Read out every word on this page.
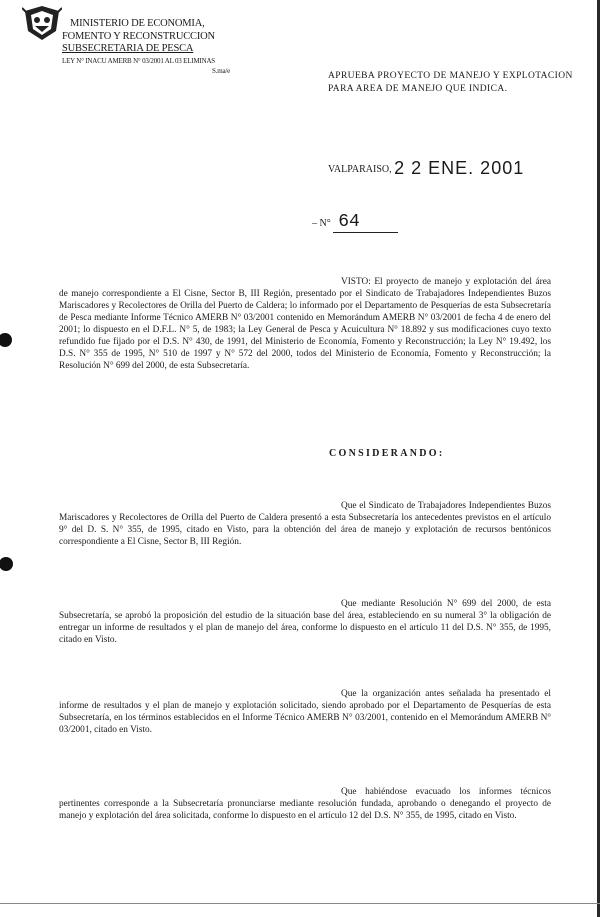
MINISTERIO DE ECONOMIA,
FOMENTO Y RECONSTRUCCION
SUBSECRETARIA DE PESCA
LEY N° INACU AMERB N° 03/2001 AL 03 ELIMINAS
S.ma/e
APRUEBA PROYECTO DE MANEJO Y EXPLOTACION PARA AREA DE MANEJO QUE INDICA.
VALPARAISO, 2 2 ENE. 2001
– N° 64

VISTO: El proyecto de manejo y explotación del área de manejo correspondiente a El Cisne, Sector B, III Región, presentado por el Sindicato de Trabajadores Independientes Buzos Mariscadores y Recolectores de Orilla del Puerto de Caldera; lo informado por el Departamento de Pesquerías de esta Subsecretaría de Pesca mediante Informe Técnico AMERB N° 03/2001 contenido en Memorándum AMERB N° 03/2001 de fecha 4 de enero del 2001; lo dispuesto en el D.F.L. N° 5, de 1983; la Ley General de Pesca y Acuicultura N° 18.892 y sus modificaciones cuyo texto refundido fue fijado por el D.S. N° 430, de 1991, del Ministerio de Economía, Fomento y Reconstrucción; la Ley N° 19.492, los D.S. N° 355 de 1995, N° 510 de 1997 y N° 572 del 2000, todos del Ministerio de Economía, Fomento y Reconstrucción; la Resolución N° 699 del 2000, de esta Subsecretaría.

CONSIDERANDO:

Que el Sindicato de Trabajadores Independientes Buzos Mariscadores y Recolectores de Orilla del Puerto de Caldera presentó a esta Subsecretaría los antecedentes previstos en el artículo 9° del D. S. N° 355, de 1995, citado en Visto, para la obtención del área de manejo y explotación de recursos bentónicos correspondiente a El Cisne, Sector B, III Región.

Que mediante Resolución N° 699 del 2000, de esta Subsecretaría, se aprobó la proposición del estudio de la situación base del área, estableciendo en su numeral 3° la obligación de entregar un informe de resultados y el plan de manejo del área, conforme lo dispuesto en el artículo 11 del D.S. N° 355, de 1995, citado en Visto.

Que la organización antes señalada ha presentado el informe de resultados y el plan de manejo y explotación solicitado, siendo aprobado por el Departamento de Pesquerías de esta Subsecretaría, en los términos establecidos en el Informe Técnico AMERB N° 03/2001, contenido en el Memorándum AMERB N° 03/2001, citado en Visto.

Que habiéndose evacuado los informes técnicos pertinentes corresponde a la Subsecretaría pronunciarse mediante resolución fundada, aprobando o denegando el proyecto de manejo y explotación del área solicitada, conforme lo dispuesto en el artículo 12 del D.S. N° 355, de 1995, citado en Visto.
